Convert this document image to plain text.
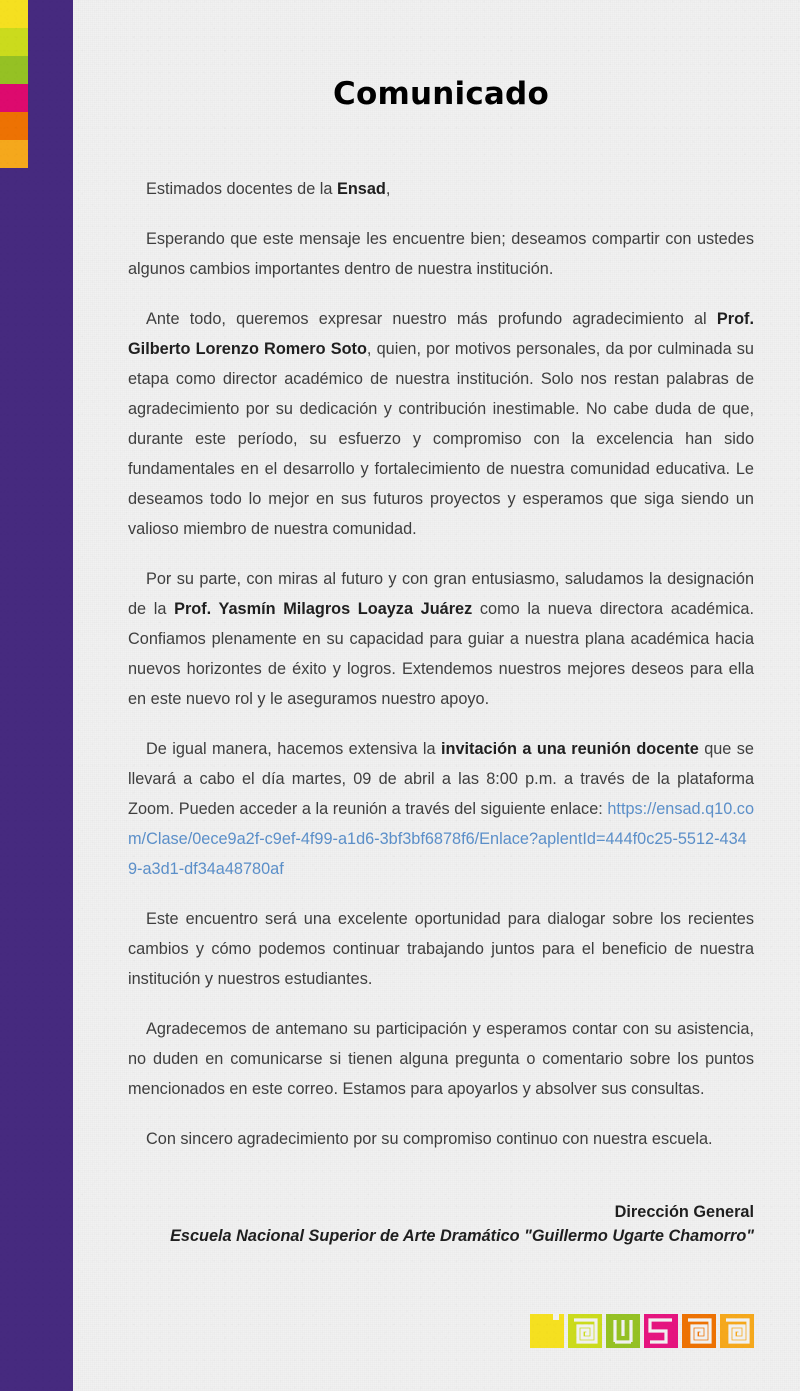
Comunicado

Estimados docentes de la Ensad,

Esperando que este mensaje les encuentre bien; deseamos compartir con ustedes algunos cambios importantes dentro de nuestra institución.

Ante todo, queremos expresar nuestro más profundo agradecimiento al Prof. Gilberto Lorenzo Romero Soto, quien, por motivos personales, da por culminada su etapa como director académico de nuestra institución. Solo nos restan palabras de agradecimiento por su dedicación y contribución inestimable. No cabe duda de que, durante este período, su esfuerzo y compromiso con la excelencia han sido fundamentales en el desarrollo y fortalecimiento de nuestra comunidad educativa. Le deseamos todo lo mejor en sus futuros proyectos y esperamos que siga siendo un valioso miembro de nuestra comunidad.

Por su parte, con miras al futuro y con gran entusiasmo, saludamos la designación de la Prof. Yasmín Milagros Loayza Juárez como la nueva directora académica. Confiamos plenamente en su capacidad para guiar a nuestra plana académica hacia nuevos horizontes de éxito y logros. Extendemos nuestros mejores deseos para ella en este nuevo rol y le aseguramos nuestro apoyo.

De igual manera, hacemos extensiva la invitación a una reunión docente que se llevará a cabo el día martes, 09 de abril a las 8:00 p.m. a través de la plataforma Zoom. Pueden acceder a la reunión a través del siguiente enlace: https://ensad.q10.com/Clase/0ece9a2f-c9ef-4f99-a1d6-3bf3bf6878f6/Enlace?aplentId=444f0c25-5512-4349-a3d1-df34a48780af

Este encuentro será una excelente oportunidad para dialogar sobre los recientes cambios y cómo podemos continuar trabajando juntos para el beneficio de nuestra institución y nuestros estudiantes.

Agradecemos de antemano su participación y esperamos contar con su asistencia, no duden en comunicarse si tienen alguna pregunta o comentario sobre los puntos mencionados en este correo. Estamos para apoyarlos y absolver sus consultas.

Con sincero agradecimiento por su compromiso continuo con nuestra escuela.

Dirección General
Escuela Nacional Superior de Arte Dramático "Guillermo Ugarte Chamorro"
